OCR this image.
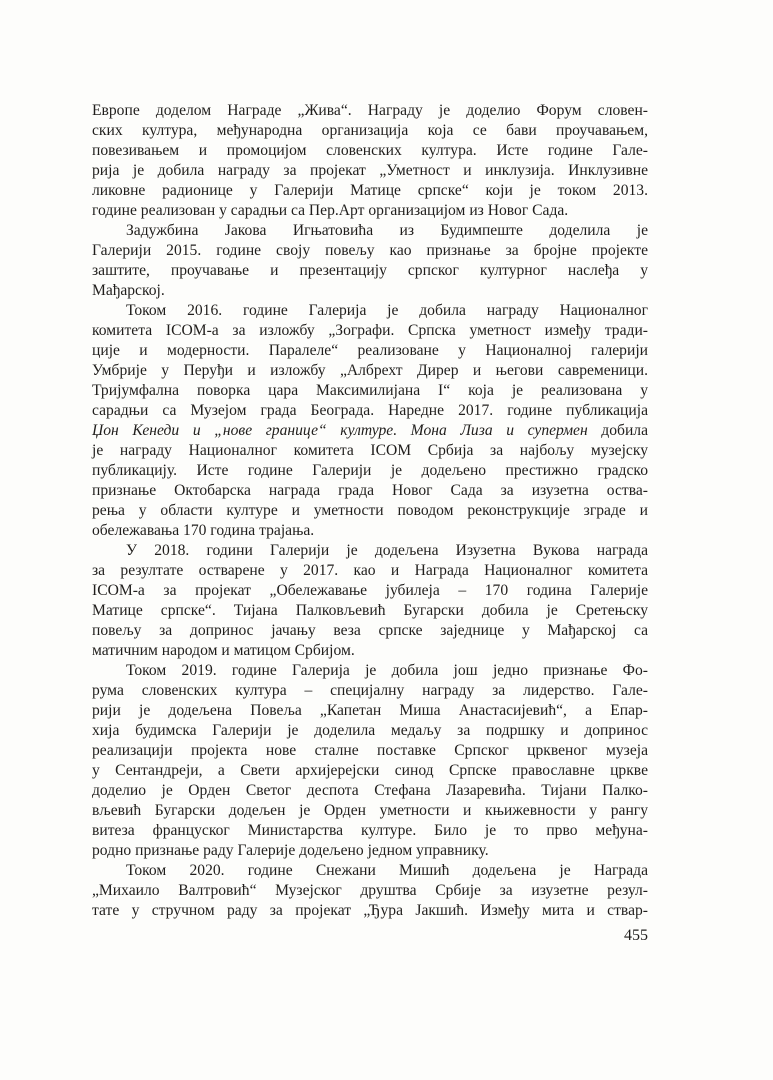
Европе доделом Награде „Жива“. Награду је доделио Форум словен-
ских култура, међународна организација која се бави проучавањем,
повезивањем и промоцијом словенских култура. Исте године Гале-
рија је добила награду за пројекат „Уметност и инклузија. Инклузивне
ликовне радионице у Галерији Матице српске“ који је током 2013.
године реализован у сарадњи са Пер.Арт организацијом из Новог Сада.
Задужбина Јакова Игњатовића из Будимпеште доделила је
Галерији 2015. године своју повељу као признање за бројне пројекте
заштите, проучавање и презентацију српског културног наслеђа у
Мађарској.
Током 2016. године Галерија је добила награду Националног
комитета ICOM-а за изложбу „Зографи. Српска уметност између тради-
ције и модерности. Паралеле“ реализоване у Националној галерији
Умбрије у Перуђи и изложбу „Албрехт Дирер и његови савременици.
Тријумфална поворка цара Максимилијана I“ која је реализована у
сарадњи са Музејом града Београда. Наредне 2017. године публикација
Џон Кенеди и „нове границе“ културе. Мона Лиза и супермен добила
је награду Националног комитета ICOM Србија за најбољу музејску
публикацију. Исте године Галерији је додељено престижно градско
признање Октобарска награда града Новог Сада за изузетна оства-
рења у области културе и уметности поводом реконструкције зграде и
обележавања 170 година трајања.
У 2018. години Галерији је додељена Изузетна Вукова награда
за резултате остварене у 2017. као и Награда Националног комитета
ICOM-а за пројекат „Обележавање јубилеја – 170 година Галерије
Матице српске“. Тијана Палковљевић Бугарски добила је Сретењску
повељу за допринос јачању веза српске заједнице у Мађарској са
матичним народом и матицом Србијом.
Током 2019. године Галерија је добила још једно признање Фо-
рума словенских култура – специјалну награду за лидерство. Гале-
рији је додељена Повеља „Капетан Миша Анастасијевић“, а Епар-
хија будимска Галерији је доделила медаљу за подршку и допринос
реализацији пројекта нове сталне поставке Српског црквеног музеја
у Сентандреји, а Свети архијерејски синод Српске православне цркве
доделио је Орден Светог деспота Стефана Лазаревића. Тијани Палко-
вљевић Бугарски додељен је Орден уметности и књижевности у рангу
витеза француског Министарства културе. Било је то прво међуна-
родно признање раду Галерије додељено једном управнику.
Током 2020. године Снежани Мишић додељена је Награда
„Михаило Валтровић“ Музејског друштва Србије за изузетне резул-
тате у стручном раду за пројекат „Ђура Јакшић. Између мита и ствар-
455
